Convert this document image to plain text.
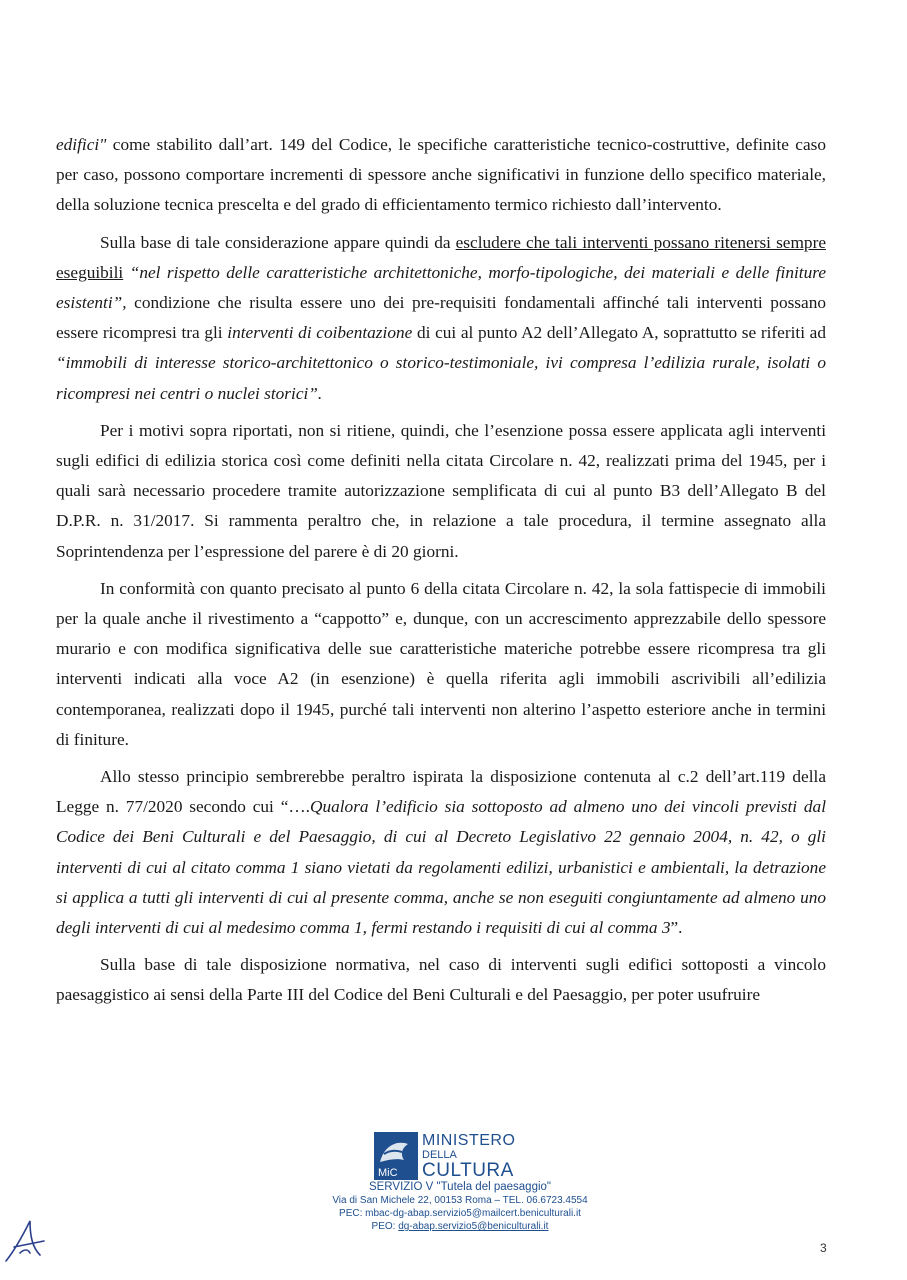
edifici" come stabilito dall’art. 149 del Codice, le specifiche caratteristiche tecnico-costruttive, definite caso per caso, possono comportare incrementi di spessore anche significativi in funzione dello specifico materiale, della soluzione tecnica prescelta e del grado di efficientamento termico richiesto dall’intervento.

Sulla base di tale considerazione appare quindi da escludere che tali interventi possano ritenersi sempre eseguibili “nel rispetto delle caratteristiche architettoniche, morfo-tipologiche, dei materiali e delle finiture esistenti”, condizione che risulta essere uno dei pre-requisiti fondamentali affinché tali interventi possano essere ricompresi tra gli interventi di coibentazione di cui al punto A2 dell’Allegato A, soprattutto se riferiti ad “immobili di interesse storico-architettonico o storico-testimoniale, ivi compresa l’edilizia rurale, isolati o ricompresi nei centri o nuclei storici”.

Per i motivi sopra riportati, non si ritiene, quindi, che l’esenzione possa essere applicata agli interventi sugli edifici di edilizia storica così come definiti nella citata Circolare n. 42, realizzati prima del 1945, per i quali sarà necessario procedere tramite autorizzazione semplificata di cui al punto B3 dell’Allegato B del D.P.R. n. 31/2017. Si rammenta peraltro che, in relazione a tale procedura, il termine assegnato alla Soprintendenza per l’espressione del parere è di 20 giorni.

In conformità con quanto precisato al punto 6 della citata Circolare n. 42, la sola fattispecie di immobili per la quale anche il rivestimento a “cappotto” e, dunque, con un accrescimento apprezzabile dello spessore murario e con modifica significativa delle sue caratteristiche materiche potrebbe essere ricompresa tra gli interventi indicati alla voce A2 (in esenzione) è quella riferita agli immobili ascrivibili all’edilizia contemporanea, realizzati dopo il 1945, purché tali interventi non alterino l’aspetto esteriore anche in termini di finiture.

Allo stesso principio sembrerebbe peraltro ispirata la disposizione contenuta al c.2 dell’art.119 della Legge n. 77/2020 secondo cui “….Qualora l’edificio sia sottoposto ad almeno uno dei vincoli previsti dal Codice dei Beni Culturali e del Paesaggio, di cui al Decreto Legislativo 22 gennaio 2004, n. 42, o gli interventi di cui al citato comma 1 siano vietati da regolamenti edilizi, urbanistici e ambientali, la detrazione si applica a tutti gli interventi di cui al presente comma, anche se non eseguiti congiuntamente ad almeno uno degli interventi di cui al medesimo comma 1, fermi restando i requisiti di cui al comma 3”.

Sulla base di tale disposizione normativa, nel caso di interventi sugli edifici sottoposti a vincolo paesaggistico ai sensi della Parte III del Codice del Beni Culturali e del Paesaggio, per poter usufruire

MiC
MINISTERO
DELLA
CULTURA
SERVIZIO V "Tutela del paesaggio"
Via di San Michele 22, 00153 Roma – TEL. 06.6723.4554
PEC: mbac-dg-abap.servizio5@mailcert.beniculturali.it
PEO: dg-abap.servizio5@beniculturali.it
3
